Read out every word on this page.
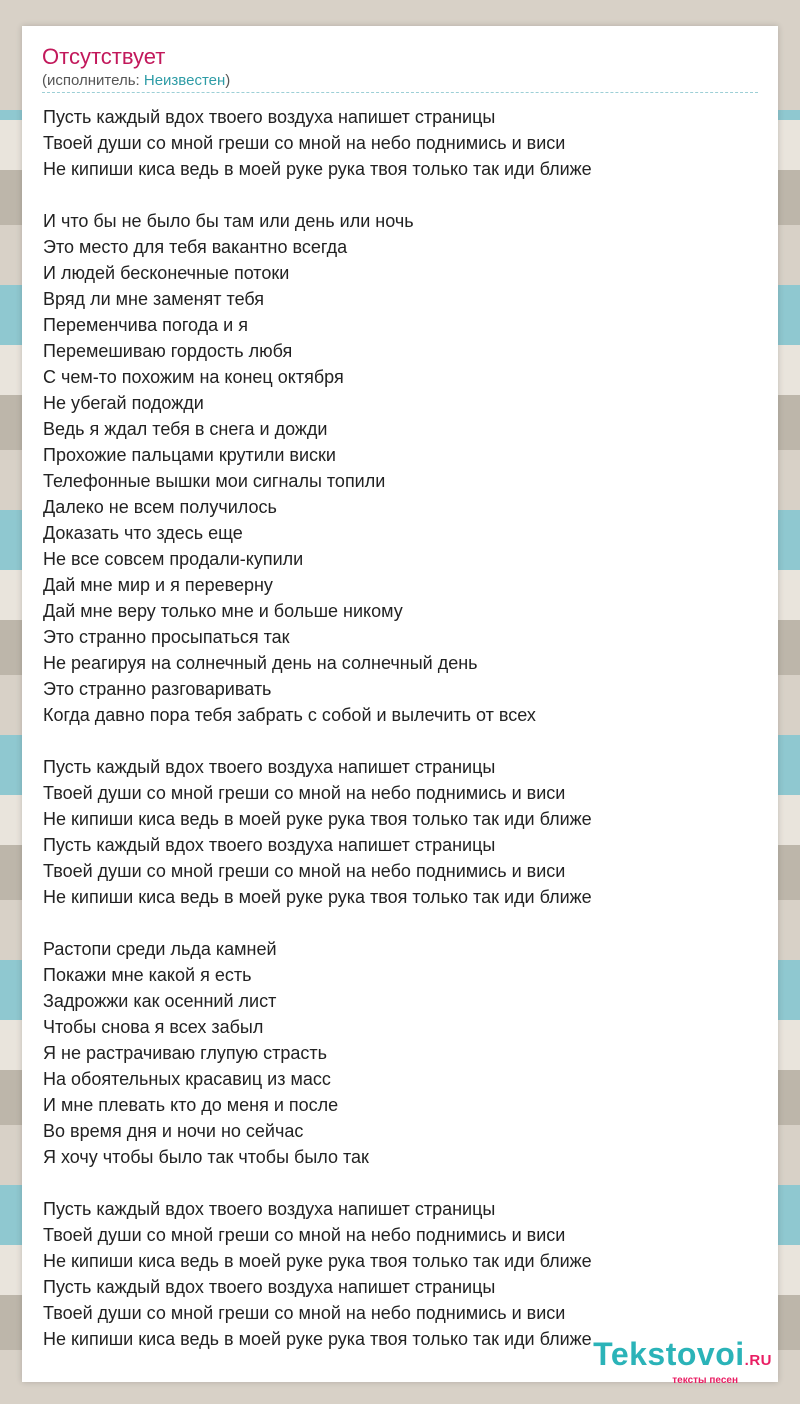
Отсутствует
(исполнитель: Неизвестен)
Пусть каждый вдох твоего воздуха напишет страницы
Твоей души со мной греши со мной на небо поднимись и виси
Не кипиши киса ведь в моей руке рука твоя только так иди ближе
И что бы не было бы там или день или ночь
Это место для тебя вакантно всегда
И людей бесконечные потоки
Вряд ли мне заменят тебя
Переменчива погода и я
Перемешиваю гордость любя
С чем-то похожим на конец октября
Не убегай подожди
Ведь я ждал тебя в снега и дожди
Прохожие пальцами крутили виски
Телефонные вышки мои сигналы топили
Далеко не всем получилось
Доказать что здесь еще
Не все совсем продали-купили
Дай мне мир и я переверну
Дай мне веру только мне и больше никому
Это странно просыпаться так
Не реагируя на солнечный день на солнечный день
Это странно разговаривать
Когда давно пора тебя забрать с собой и вылечить от всех
Пусть каждый вдох твоего воздуха напишет страницы
Твоей души со мной греши со мной на небо поднимись и виси
Не кипиши киса ведь в моей руке рука твоя только так иди ближе
Пусть каждый вдох твоего воздуха напишет страницы
Твоей души со мной греши со мной на небо поднимись и виси
Не кипиши киса ведь в моей руке рука твоя только так иди ближе
Растопи среди льда камней
Покажи мне какой я есть
Задрожжи как осенний лист
Чтобы снова я всех забыл
Я не растрачиваю глупую страсть
На обоятельных красавиц из масс
И мне плевать кто до меня и после
Во время дня и ночи но сейчас
Я хочу чтобы было так чтобы было так
Пусть каждый вдох твоего воздуха напишет страницы
Твоей души со мной греши со мной на небо поднимись и виси
Не кипиши киса ведь в моей руке рука твоя только так иди ближе
Пусть каждый вдох твоего воздуха напишет страницы
Твоей души со мной греши со мной на небо поднимись и виси
Не кипиши киса ведь в моей руке рука твоя только так иди ближе Tekstovoi.RU
тексты песен
